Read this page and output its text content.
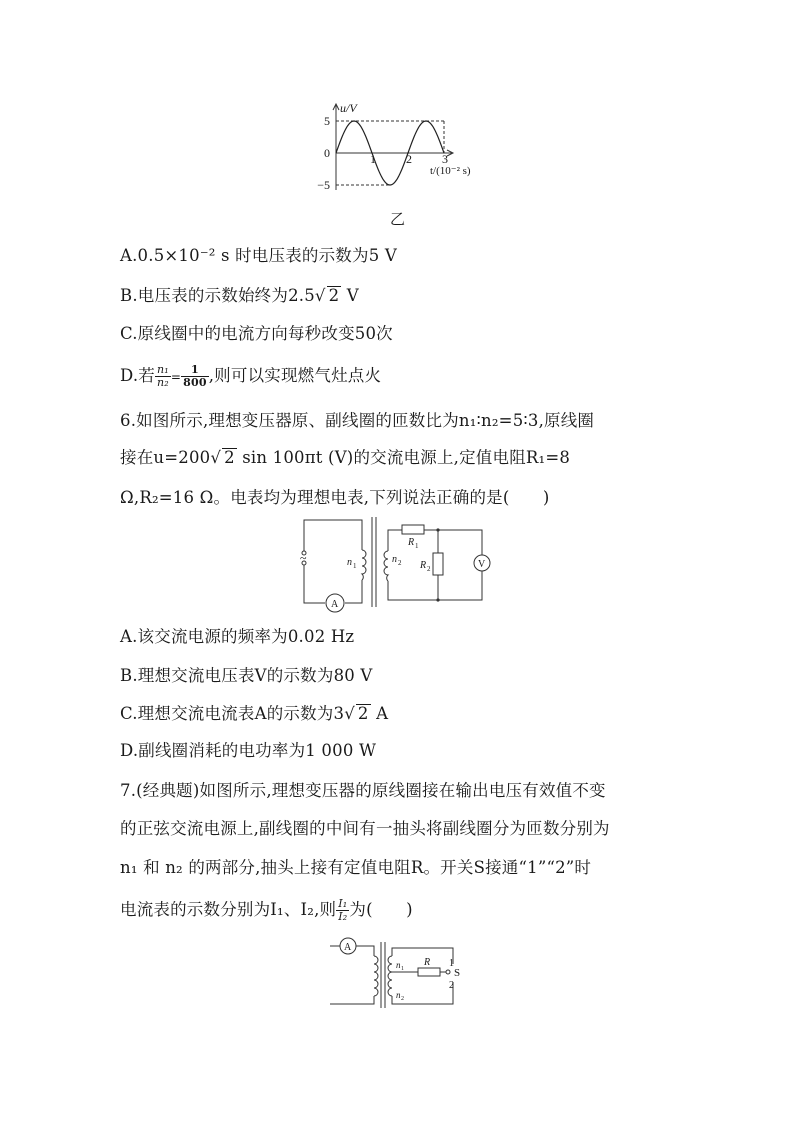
u/V
t/(10⁻² s)
5
0
−5
1	2	3
乙
A.0.5×10⁻² s 时电压表的示数为5 V
B.电压表的示数始终为2.5√ 2 V
C.原线圈中的电流方向每秒改变50次
D.若 $\frac{\text{n₁}}{\text{n₂}} = \frac{1}{800}$ ,则可以实现燃气灶点火
6.如图所示,理想变压器原、副线圈的匝数比为n₁∶n₂=5∶3,原线圈
接在u=200√ 2 sin 100πt (V)的交流电源上,定值电阻R₁=8
Ω,R₂=16 Ω。电表均为理想电表,下列说法正确的是(　　)
A
V
~	n 1
n 2
R 1
R 2
A.该交流电源的频率为0.02 Hz
B.理想交流电压表V的示数为80 V
C.理想交流电流表A的示数为3√ 2 A
D.副线圈消耗的电功率为1 000 W
7.(经典题)如图所示,理想变压器的原线圈接在输出电压有效值不变
的正弦交流电源上,副线圈的中间有一抽头将副线圈分为匝数分别为
n₁ 和 n₂ 的两部分,抽头上接有定值电阻R。开关S接通“1”“2”时
电流表的示数分别为I₁、I₂,则 $\frac{\text{I₁}}{\text{I₂}}$ 为(　　)
A
n 1
n 2
R
S
1
2
